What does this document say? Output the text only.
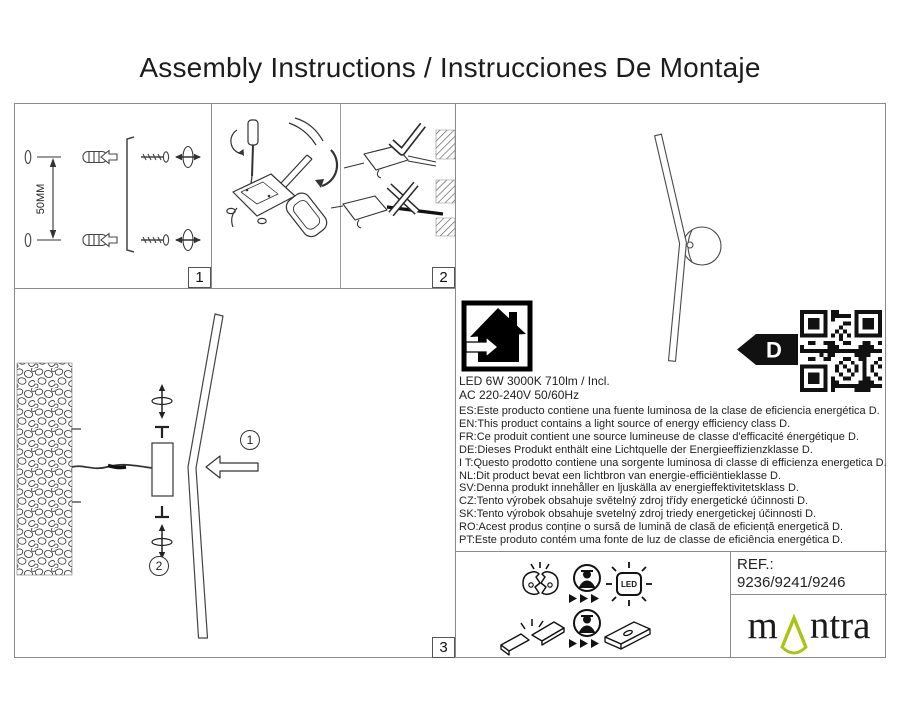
Assembly Instructions / Instrucciones De Montaje
1	2
3
50MM
1
2
D
LED 6W 3000K 710lm / Incl.
AC 220-240V 50/60Hz
ES:Este producto contiene una fuente luminosa de la clase de eficiencia energética D.
EN:This product contains a light source of energy efficiency class D.
FR:Ce produit contient une source lumineuse de classe d'efficacité énergétique D.
DE:Dieses Produkt enthält eine Lichtquelle der Energieeffizienzklasse D.
I T:Questo prodotto contiene una sorgente luminosa di classe di efficienza energetica D.
NL:Dit product bevat een lichtbron van energie-efficiëntieklasse D.
SV:Denna produkt innehåller en ljuskälla av energieffektivitetsklass D.
CZ:Tento výrobek obsahuje světelný zdroj třídy energetické účinnosti D.
SK:Tento výrobok obsahuje svetelný zdroj triedy energetickej účinnosti D.
RO:Acest produs conține o sursă de lumină de clasă de eficiență energetică D.
PT:Este produto contém uma fonte de luz de classe de eficiência energética D.
LED
REF.:
9236/9241/9246
m ntra
